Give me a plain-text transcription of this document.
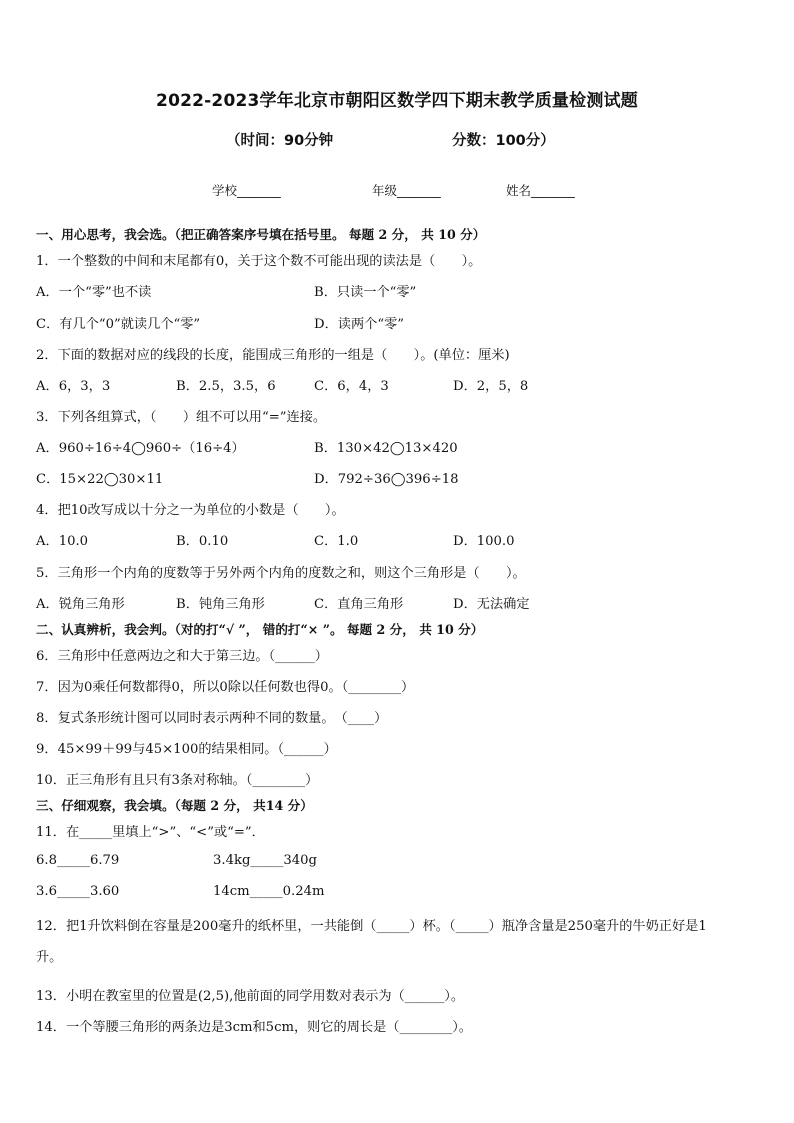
2022-2023学年北京市朝阳区数学四下期末教学质量检测试题
（时间：90分钟	分数：100分）
学校_______	年级_______	姓名_______
一、用心思考，我会选。（把正确答案序号填在括号里。 每题 2 分， 共 10 分）
1．一个整数的中间和末尾都有0，关于这个数不可能出现的读法是（　　）。
A．一个“零”也不读	B．只读一个“零”
C．有几个“0”就读几个“零”	D．读两个“零”
2．下面的数据对应的线段的长度，能围成三角形的一组是（　　）。(单位：厘米)
A．6，3，3	B．2.5，3.5，6	C．6，4，3	D．2，5，8
3．下列各组算式，（　　）组不可以用“=”连接。
A．960÷16÷4◯960÷（16÷4）	B．130×42◯13×420
C．15×22◯30×11	D．792÷36◯396÷18
4．把10改写成以十分之一为单位的小数是（　　）。
A．10.0	B．0.10	C．1.0	D．100.0
5．三角形一个内角的度数等于另外两个内角的度数之和，则这个三角形是（　　）。
A．锐角三角形	B．钝角三角形	C．直角三角形	D．无法确定
二、认真辨析，我会判。（对的打“√ ”， 错的打“× ”。 每题 2 分， 共 10 分）
6．三角形中任意两边之和大于第三边。（______）
7．因为0乘任何数都得0，所以0除以任何数也得0。（________）
8．复式条形统计图可以同时表示两种不同的数量。　（____）
9．45×99＋99与45×100的结果相同。（______）
10．正三角形有且只有3条对称轴。（________）
三、仔细观察，我会填。（每题 2 分， 共14 分）
11．在_____里填上“>”、“<”或“=”．
6.8_____6.79	3.4kg_____340g
3.6_____3.60	14cm_____0.24m
12．把1升饮料倒在容量是200毫升的纸杯里，一共能倒（_____）杯。（_____）瓶净含量是250毫升的牛奶正好是1
升。
13．小明在教室里的位置是(2,5),他前面的同学用数对表示为（______）。
14．一个等腰三角形的两条边是3cm和5cm，则它的周长是（________）。
